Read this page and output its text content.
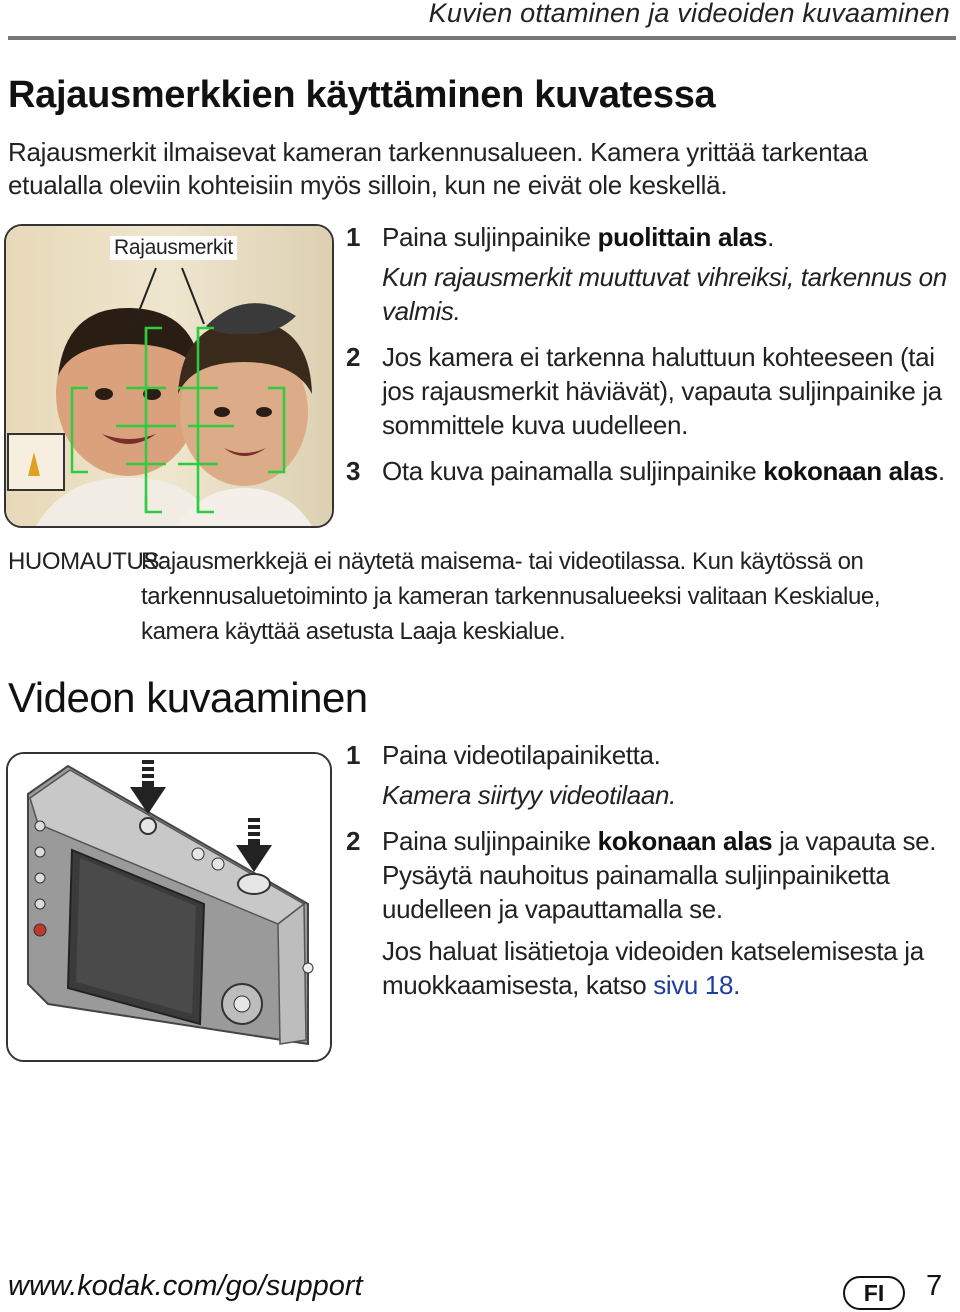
Kuvien ottaminen ja videoiden kuvaaminen
Rajausmerkkien käyttäminen kuvatessa
Rajausmerkit ilmaisevat kameran tarkennusalueen. Kamera yrittää tarkentaa etualalla oleviin kohteisiin myös silloin, kun ne eivät ole keskellä.
Rajausmerkit	1 Paina suljinpainike puolittain alas.
Kun rajausmerkit muuttuvat vihreiksi, tarkennus on valmis.
2 Jos kamera ei tarkenna haluttuun kohteeseen (tai jos rajausmerkit häviävät), vapauta suljinpainike ja sommittele kuva uudelleen.
3 Ota kuva painamalla suljinpainike kokonaan alas.
HUOMAUTUS:
Rajausmerkkejä ei näytetä maisema- tai videotilassa. Kun käytössä on tarkennusaluetoiminto ja kameran tarkennusalueeksi valitaan Keskialue, kamera käyttää asetusta Laaja keskialue.
Videon kuvaaminen
1 Paina videotilapainiketta.
Kamera siirtyy videotilaan.
2 Paina suljinpainike kokonaan alas ja vapauta se.
Pysäytä nauhoitus painamalla suljinpainiketta uudelleen ja vapauttamalla se.
Jos haluat lisätietoja videoiden katselemisesta ja muokkaamisesta, katso sivu 18.
www.kodak.com/go/support	FI	7
